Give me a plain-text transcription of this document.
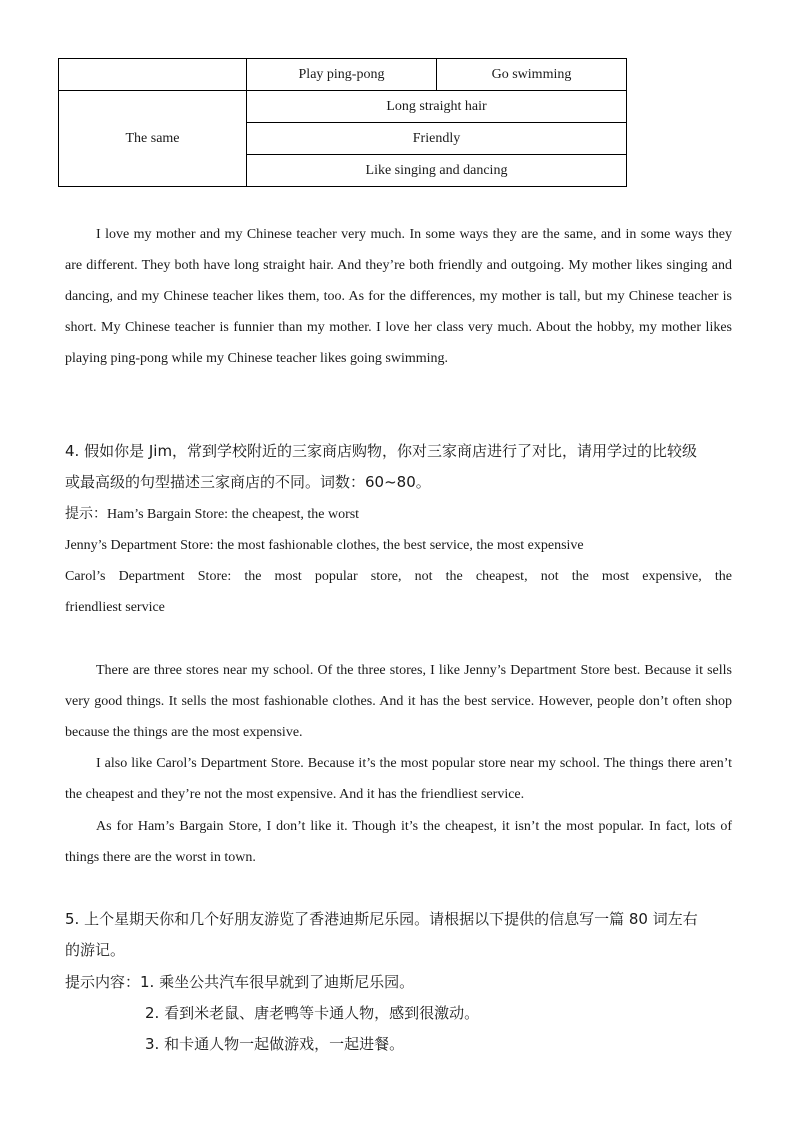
	Play ping-pong	Go swimming
The same	Long straight hair	
	Friendly	
	Like singing and dancing	

I love my mother and my Chinese teacher very much. In some ways they are the same, and in some ways they are different. They both have long straight hair. And they’re both friendly and outgoing. My mother likes singing and dancing, and my Chinese teacher likes them, too. As for the differences, my mother is tall, but my Chinese teacher is short. My Chinese teacher is funnier than my mother. I love her class very much. About the hobby, my mother likes playing ping-pong while my Chinese teacher likes going swimming.

4. 假如你是 Jim，常到学校附近的三家商店购物，你对三家商店进行了对比，请用学过的比较级

或最高级的句型描述三家商店的不同。词数：60~80。

提示：Ham’s Bargain Store: the cheapest, the worst

Jenny’s Department Store: the most fashionable clothes, the best service, the most expensive

Carol’s Department Store: the most popular store, not the cheapest, not the most expensive, the

friendliest service

There are three stores near my school. Of the three stores, I like Jenny’s Department Store best. Because it sells very good things. It sells the most fashionable clothes. And it has the best service. However, people don’t often shop because the things are the most expensive.

I also like Carol’s Department Store. Because it’s the most popular store near my school. The things there aren’t the cheapest and they’re not the most expensive. And it has the friendliest service.

As for Ham’s Bargain Store, I don’t like it. Though it’s the cheapest, it isn’t the most popular. In fact, lots of things there are the worst in town.

5. 上个星期天你和几个好朋友游览了香港迪斯尼乐园。请根据以下提供的信息写一篇 80 词左右

的游记。

提示内容：1. 乘坐公共汽车很早就到了迪斯尼乐园。

2. 看到米老鼠、唐老鸭等卡通人物，感到很激动。

3. 和卡通人物一起做游戏，一起进餐。
